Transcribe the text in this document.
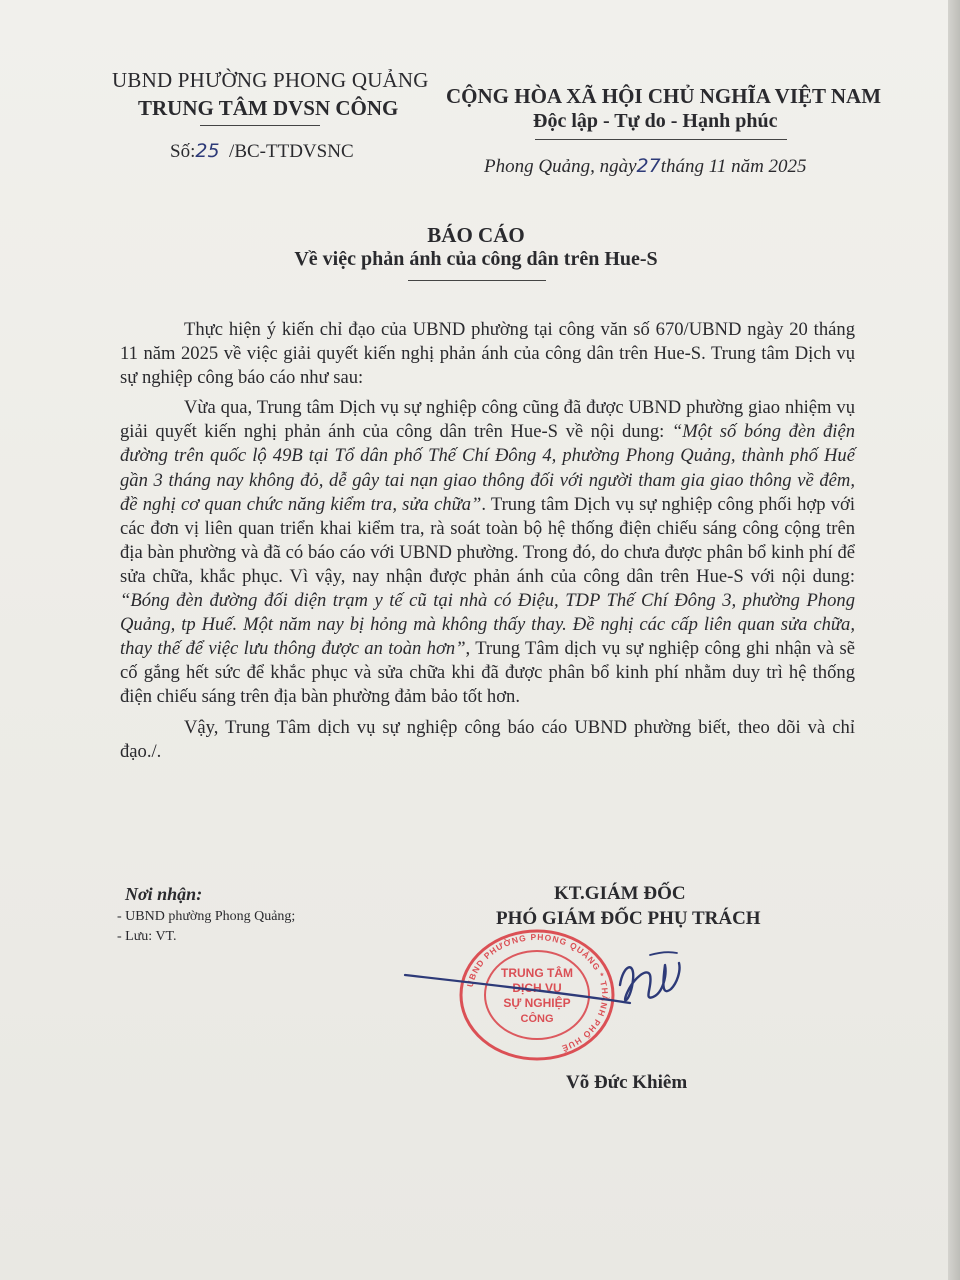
UBND PHƯỜNG PHONG QUẢNG
TRUNG TÂM DVSN CÔNG
Số:25 /BC-TTDVSNC
CỘNG HÒA XÃ HỘI CHỦ NGHĨA VIỆT NAM
Độc lập - Tự do - Hạnh phúc
Phong Quảng, ngày27tháng 11 năm 2025
BÁO CÁO
Về việc phản ánh của công dân trên Hue-S

Thực hiện ý kiến chỉ đạo của UBND phường tại công văn số 670/UBND ngày 20 tháng 11 năm 2025 về việc giải quyết kiến nghị phản ánh của công dân trên Hue-S. Trung tâm Dịch vụ sự nghiệp công báo cáo như sau:

Vừa qua, Trung tâm Dịch vụ sự nghiệp công cũng đã được UBND phường giao nhiệm vụ giải quyết kiến nghị phản ánh của công dân trên Hue-S về nội dung: “Một số bóng đèn điện đường trên quốc lộ 49B tại Tổ dân phố Thế Chí Đông 4, phường Phong Quảng, thành phố Huế gần 3 tháng nay không đỏ, dễ gây tai nạn giao thông đối với người tham gia giao thông về đêm, đề nghị cơ quan chức năng kiểm tra, sửa chữa”. Trung tâm Dịch vụ sự nghiệp công phối hợp với các đơn vị liên quan triển khai kiểm tra, rà soát toàn bộ hệ thống điện chiếu sáng công cộng trên địa bàn phường và đã có báo cáo với UBND phường. Trong đó, do chưa được phân bổ kinh phí để sửa chữa, khắc phục. Vì vậy, nay nhận được phản ánh của công dân trên Hue-S với nội dung: “Bóng đèn đường đối diện trạm y tế cũ tại nhà có Điệu, TDP Thế Chí Đông 3, phường Phong Quảng, tp Huế. Một năm nay bị hỏng mà không thấy thay. Đề nghị các cấp liên quan sửa chữa, thay thế để việc lưu thông được an toàn hơn”, Trung Tâm dịch vụ sự nghiệp công ghi nhận và sẽ cố gắng hết sức để khắc phục và sửa chữa khi đã được phân bổ kinh phí nhằm duy trì hệ thống điện chiếu sáng trên địa bàn phường đảm bảo tốt hơn.

Vậy, Trung Tâm dịch vụ sự nghiệp công báo cáo UBND phường biết, theo dõi và chỉ đạo./.

Nơi nhận:
- UBND phường Phong Quảng;
- Lưu: VT.
KT.GIÁM ĐỐC
PHÓ GIÁM ĐỐC PHỤ TRÁCH
UBND PHƯỜNG PHONG QUẢNG * THÀNH PHỐ HUẾ
TRUNG TÂM
DỊCH VỤ
SỰ NGHIỆP
CÔNG
Võ Đức Khiêm
